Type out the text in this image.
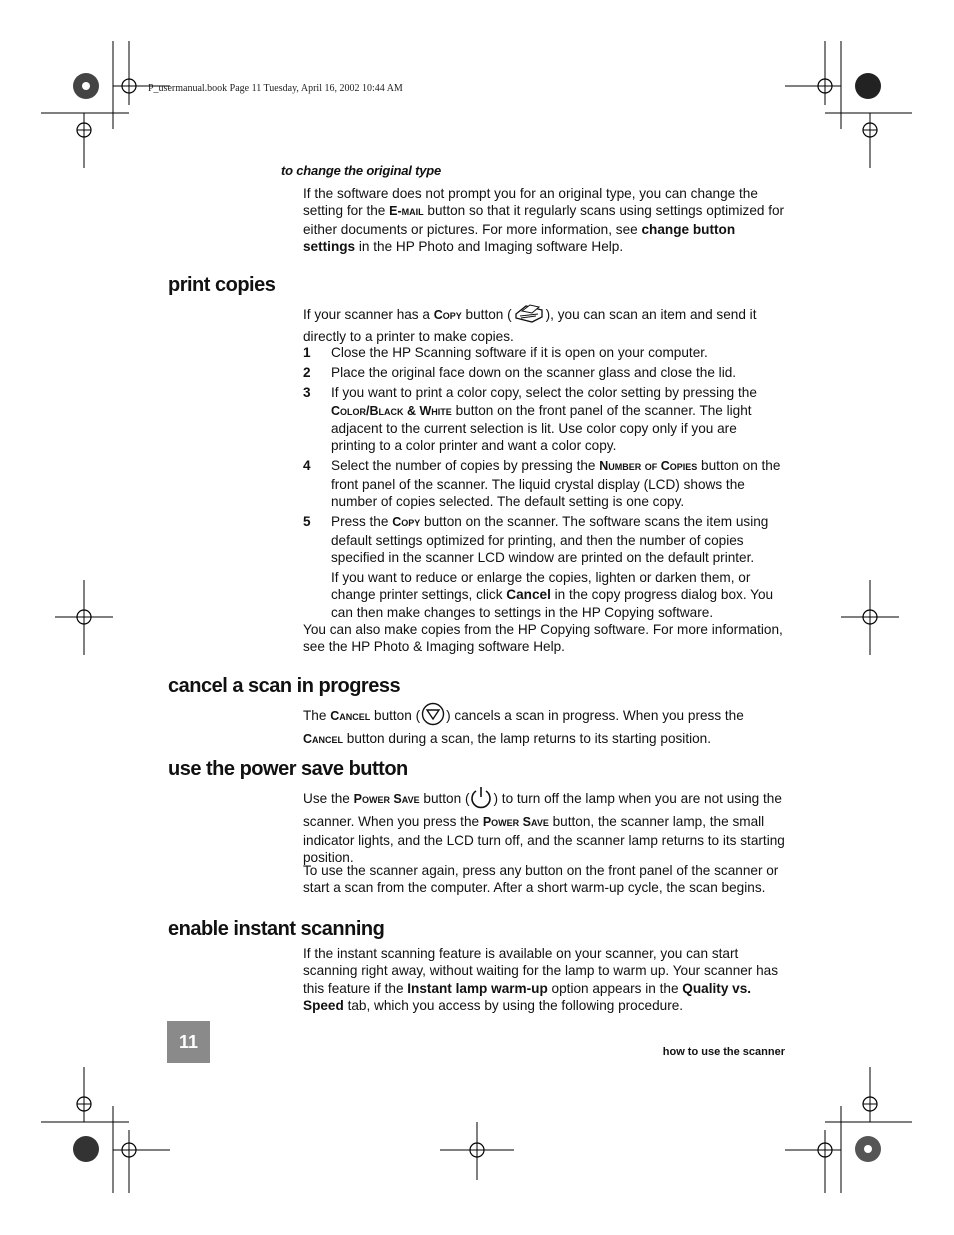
P_usermanual.book Page 11 Tuesday, April 16, 2002 10:44 AM
to change the original type

If the software does not prompt you for an original type, you can change the setting for the E-mail button so that it regularly scans using settings optimized for either documents or pictures. For more information, see change button settings in the HP Photo and Imaging software Help.

print copies

If your scanner has a Copy button (	), you can scan an item and send it directly to a printer to make copies.

1 Close the HP Scanning software if it is open on your computer.
2 Place the original face down on the scanner glass and close the lid.
3 If you want to print a color copy, select the color setting by pressing the Color/Black & White button on the front panel of the scanner. The light adjacent to the current selection is lit. Use color copy only if you are printing to a color printer and want a color copy.
4 Select the number of copies by pressing the Number of Copies button on the front panel of the scanner. The liquid crystal display (LCD) shows the number of copies selected. The default setting is one copy.
5 Press the Copy button on the scanner. The software scans the item using default settings optimized for printing, and then the number of copies specified in the scanner LCD window are printed on the default printer.
If you want to reduce or enlarge the copies, lighten or darken them, or change printer settings, click Cancel in the copy progress dialog box. You can then make changes to settings in the HP Copying software.
You can also make copies from the HP Copying software. For more information, see the HP Photo & Imaging software Help.
cancel a scan in progress

The Cancel button ( ) cancels a scan in progress. When you press the Cancel button during a scan, the lamp returns to its starting position.

use the power save button

Use the Power Save button ( ) to turn off the lamp when you are not using the scanner. When you press the Power Save button, the scanner lamp, the small indicator lights, and the LCD turn off, and the scanner lamp returns to its starting position.

To use the scanner again, press any button on the front panel of the scanner or start a scan from the computer. After a short warm-up cycle, the scan begins.
enable instant scanning

If the instant scanning feature is available on your scanner, you can start scanning right away, without waiting for the lamp to warm up. Your scanner has this feature if the Instant lamp warm-up option appears in the Quality vs. Speed tab, which you access by using the following procedure.

11	how to use the scanner
